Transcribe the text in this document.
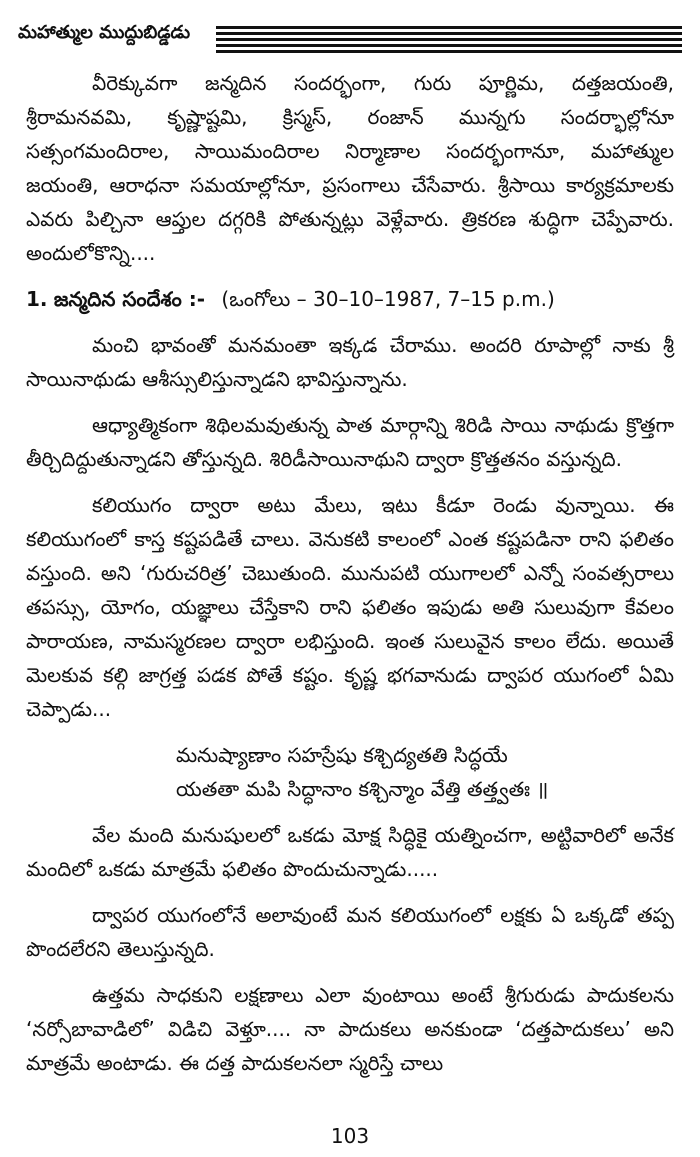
మహాత్ముల ముద్దుబిడ్డడు

వీరెక్కువగా జన్మదిన సందర్భంగా, గురు పూర్ణిమ, దత్తజయంతి, శ్రీరామనవమి, కృష్ణాష్టమి, క్రిస్మస్, రంజాన్ మున్నగు సందర్భాల్లోనూ సత్సంగమందిరాల, సాయిమందిరాల నిర్మాణాల సందర్భంగానూ, మహాత్ముల జయంతి, ఆరాధనా సమయాల్లోనూ, ప్రసంగాలు చేసేవారు. శ్రీసాయి కార్యక్రమాలకు ఎవరు పిల్చినా ఆప్తుల దగ్గరికి పోతున్నట్లు వెళ్లేవారు. త్రికరణ శుద్ధిగా చెప్పేవారు. అందులోకొన్ని....

1. జన్మదిన సందేశం :- (ఒంగోలు – 30–10–1987, 7–15 p.m.)

మంచి భావంతో మనమంతా ఇక్కడ చేరాము. అందరి రూపాల్లో నాకు శ్రీ సాయినాథుడు ఆశీస్సులిస్తున్నాడని భావిస్తున్నాను.

ఆధ్యాత్మికంగా శిథిలమవుతున్న పాత మార్గాన్ని శిరిడి సాయి నాథుడు క్రొత్తగా తీర్చిదిద్దుతున్నాడని తోస్తున్నది. శిరిడీసాయినాథుని ద్వారా క్రొత్తతనం వస్తున్నది.

కలియుగం ద్వారా అటు మేలు, ఇటు కీడూ రెండు వున్నాయి. ఈ కలియుగంలో కాస్త కష్టపడితే చాలు. వెనుకటి కాలంలో ఎంత కష్టపడినా రాని ఫలితం వస్తుంది. అని ‘గురుచరిత్ర’ చెబుతుంది. మునుపటి యుగాలలో ఎన్నో సంవత్సరాలు తపస్సు, యోగం, యజ్ఞాలు చేస్తేకాని రాని ఫలితం ఇపుడు అతి సులువుగా కేవలం పారాయణ, నామస్మరణల ద్వారా లభిస్తుంది. ఇంత సులువైన కాలం లేదు. అయితే మెలకువ కల్గి జాగ్రత్త పడక పోతే కష్టం. కృష్ణ భగవానుడు ద్వాపర యుగంలో ఏమి చెప్పాడు...

మనుష్యాణాం సహస్రేషు కశ్చిద్యతతి సిద్ధయే
యతతా మపి సిద్ధానాం కశ్చిన్మాం వేత్తి తత్త్వతః ॥

వేల మంది మనుషులలో ఒకడు మోక్ష సిద్ధికై యత్నించగా, అట్టివారిలో అనేక మందిలో ఒకడు మాత్రమే ఫలితం పొందుచున్నాడు.....

ద్వాపర యుగంలోనే అలావుంటే మన కలియుగంలో లక్షకు ఏ ఒక్కడో తప్ప పొందలేరని తెలుస్తున్నది.

ఉత్తమ సాధకుని లక్షణాలు ఎలా వుంటాయి అంటే శ్రీగురుడు పాదుకలను ‘నర్సోబావాడిలో’ విడిచి వెళ్తూ.... నా పాదుకలు అనకుండా ‘దత్తపాదుకలు’ అని మాత్రమే అంటాడు. ఈ దత్త పాదుకలనలా స్మరిస్తే చాలు

103
